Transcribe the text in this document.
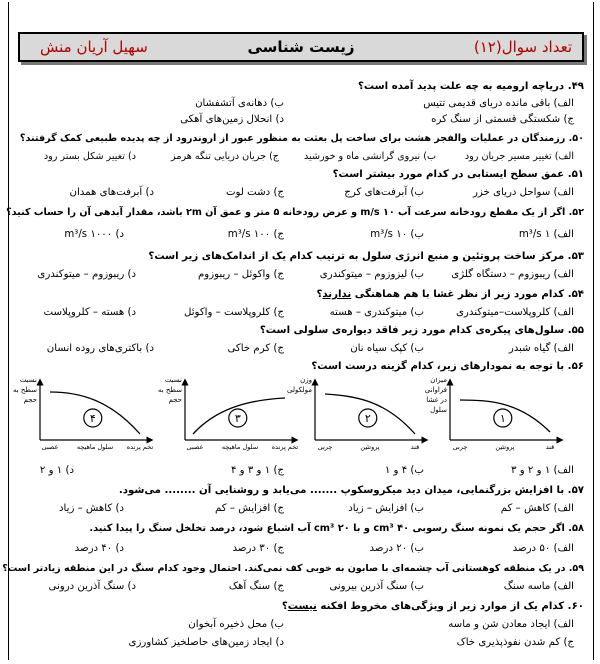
زیست شناسی	تعداد سوال(۱۲)
سهیل آریان منش
۴۹. دریاچه ارومیه به چه علت پدید آمده است؟
الف) باقی مانده دریای قدیمی تتیس
ب) دهانه‌ی آتشفشان
ج) شکستگی قسمتی از سنگ کره
د) انحلال زمین‌های آهکی
۵۰. رزمندگان در عملیات والفجر هشت برای ساخت پل بعثت به منظور عبور از اروندرود از چه پدیده طبیعی کمک گرفتند؟
الف) تغییر مسیر جریان رود
ب) نیروی گرانشی ماه و خورشید
ج) جریان دریایی تنگه هرمز
د) تغییر شکل بستر رود
۵۱. عمق سطح ایستابی در کدام مورد بیشتر است؟
الف) سواحل دریای خزر
ب) آبرفت‌های کرج
ج) دشت لوت
د) آبرفت‌های همدان
۵۲. اگر از یک مقطع رودخانه سرعت آب ۱۰ m/s و عرض رودخانه ۵ متر و عمق آن ۲m باشد، مقدار آبدهی آن را حساب کنید؟
الف) ۱ m³/s
ب) ۱۰ m³/s
ج) ۱۰۰ m³/s
د) ۱۰۰۰ m³/s
۵۳. مرکز ساخت پروتئین و منبع انرژی سلول به ترتیب کدام یک از اندامک‌های زیر است؟
الف) ریبوزوم – دستگاه گلژی
ب) لیزوزوم – میتوکندری
ج) واکوئل – ریبوزوم
د) ریبوزوم – میتوکندری
۵۴. کدام مورد زیر از نظر غشا با هم هماهنگی ندارند؟
الف) کلروپلاست–میتوکندری
ب) میتوکندری – هسته
ج) کلروپلاست – واکوئل
د) هسته – کلروپلاست
۵۵. سلول‌های پیکره‌ی کدام مورد زیر فاقد دیواره‌ی سلولی است؟
الف) گیاه شبدر
ب) کپک سیاه نان
ج) کرم خاکی
د) باکتری‌های روده انسان
۵۶. با توجه به نمودارهای زیر، کدام گزینه درست است؟
۱
میزان
فراوانی
در غشا
سلول
قند
پروتئین
چربی
۲
وزن
مولکولی
قند
پروتئین
چربی
۳
نسبت
سطح به
حجم
تخم پرنده
سلول ماهیچه
عصبی
۴
نسبت
سطح به
حجم
تخم پرنده
سلول ماهیچه
عصبی
الف) ۱ و ۲ و ۳
ب) ۴ و ۱
ج) ۱ و ۳ و ۴
د) ۱ و ۲
۵۷. با افزایش بزرگنمایی، میدان دید میکروسکوپ ....... می‌یابد و روشنایی آن ........ می‌شود.
الف) کاهش – کم
ب) افزایش – زیاد
ج) افزایش – کم
د) کاهش – زیاد
۵۸. اگر حجم یک نمونه سنگ رسوبی ۴۰ cm³ و با ۲۰ cm³ آب اشباع شود، درصد تخلخل سنگ را پیدا کنید.
الف) ۵۰ درصد
ب) ۲۰ درصد
ج) ۳۰ درصد
د) ۴۰ درصد
۵۹. در یک منطقه کوهستانی آب چشمه‌ای با صابون به خوبی کف نمی‌کند. احتمال وجود کدام سنگ در این منطقه زیادتر است؟
الف) ماسه سنگ
ب) سنگ آذرین بیرونی
ج) سنگ آهک
د) سنگ آذرین درونی
۶۰. کدام یک از موارد زیر از ویژگی‌های مخروط افکنه نیست؟
الف) ایجاد معادن شن و ماسه
ب) محل ذخیره آبخوان
ج) کم شدن نفوذپذیری خاک
د) ایجاد زمین‌های حاصلخیز کشاورزی
